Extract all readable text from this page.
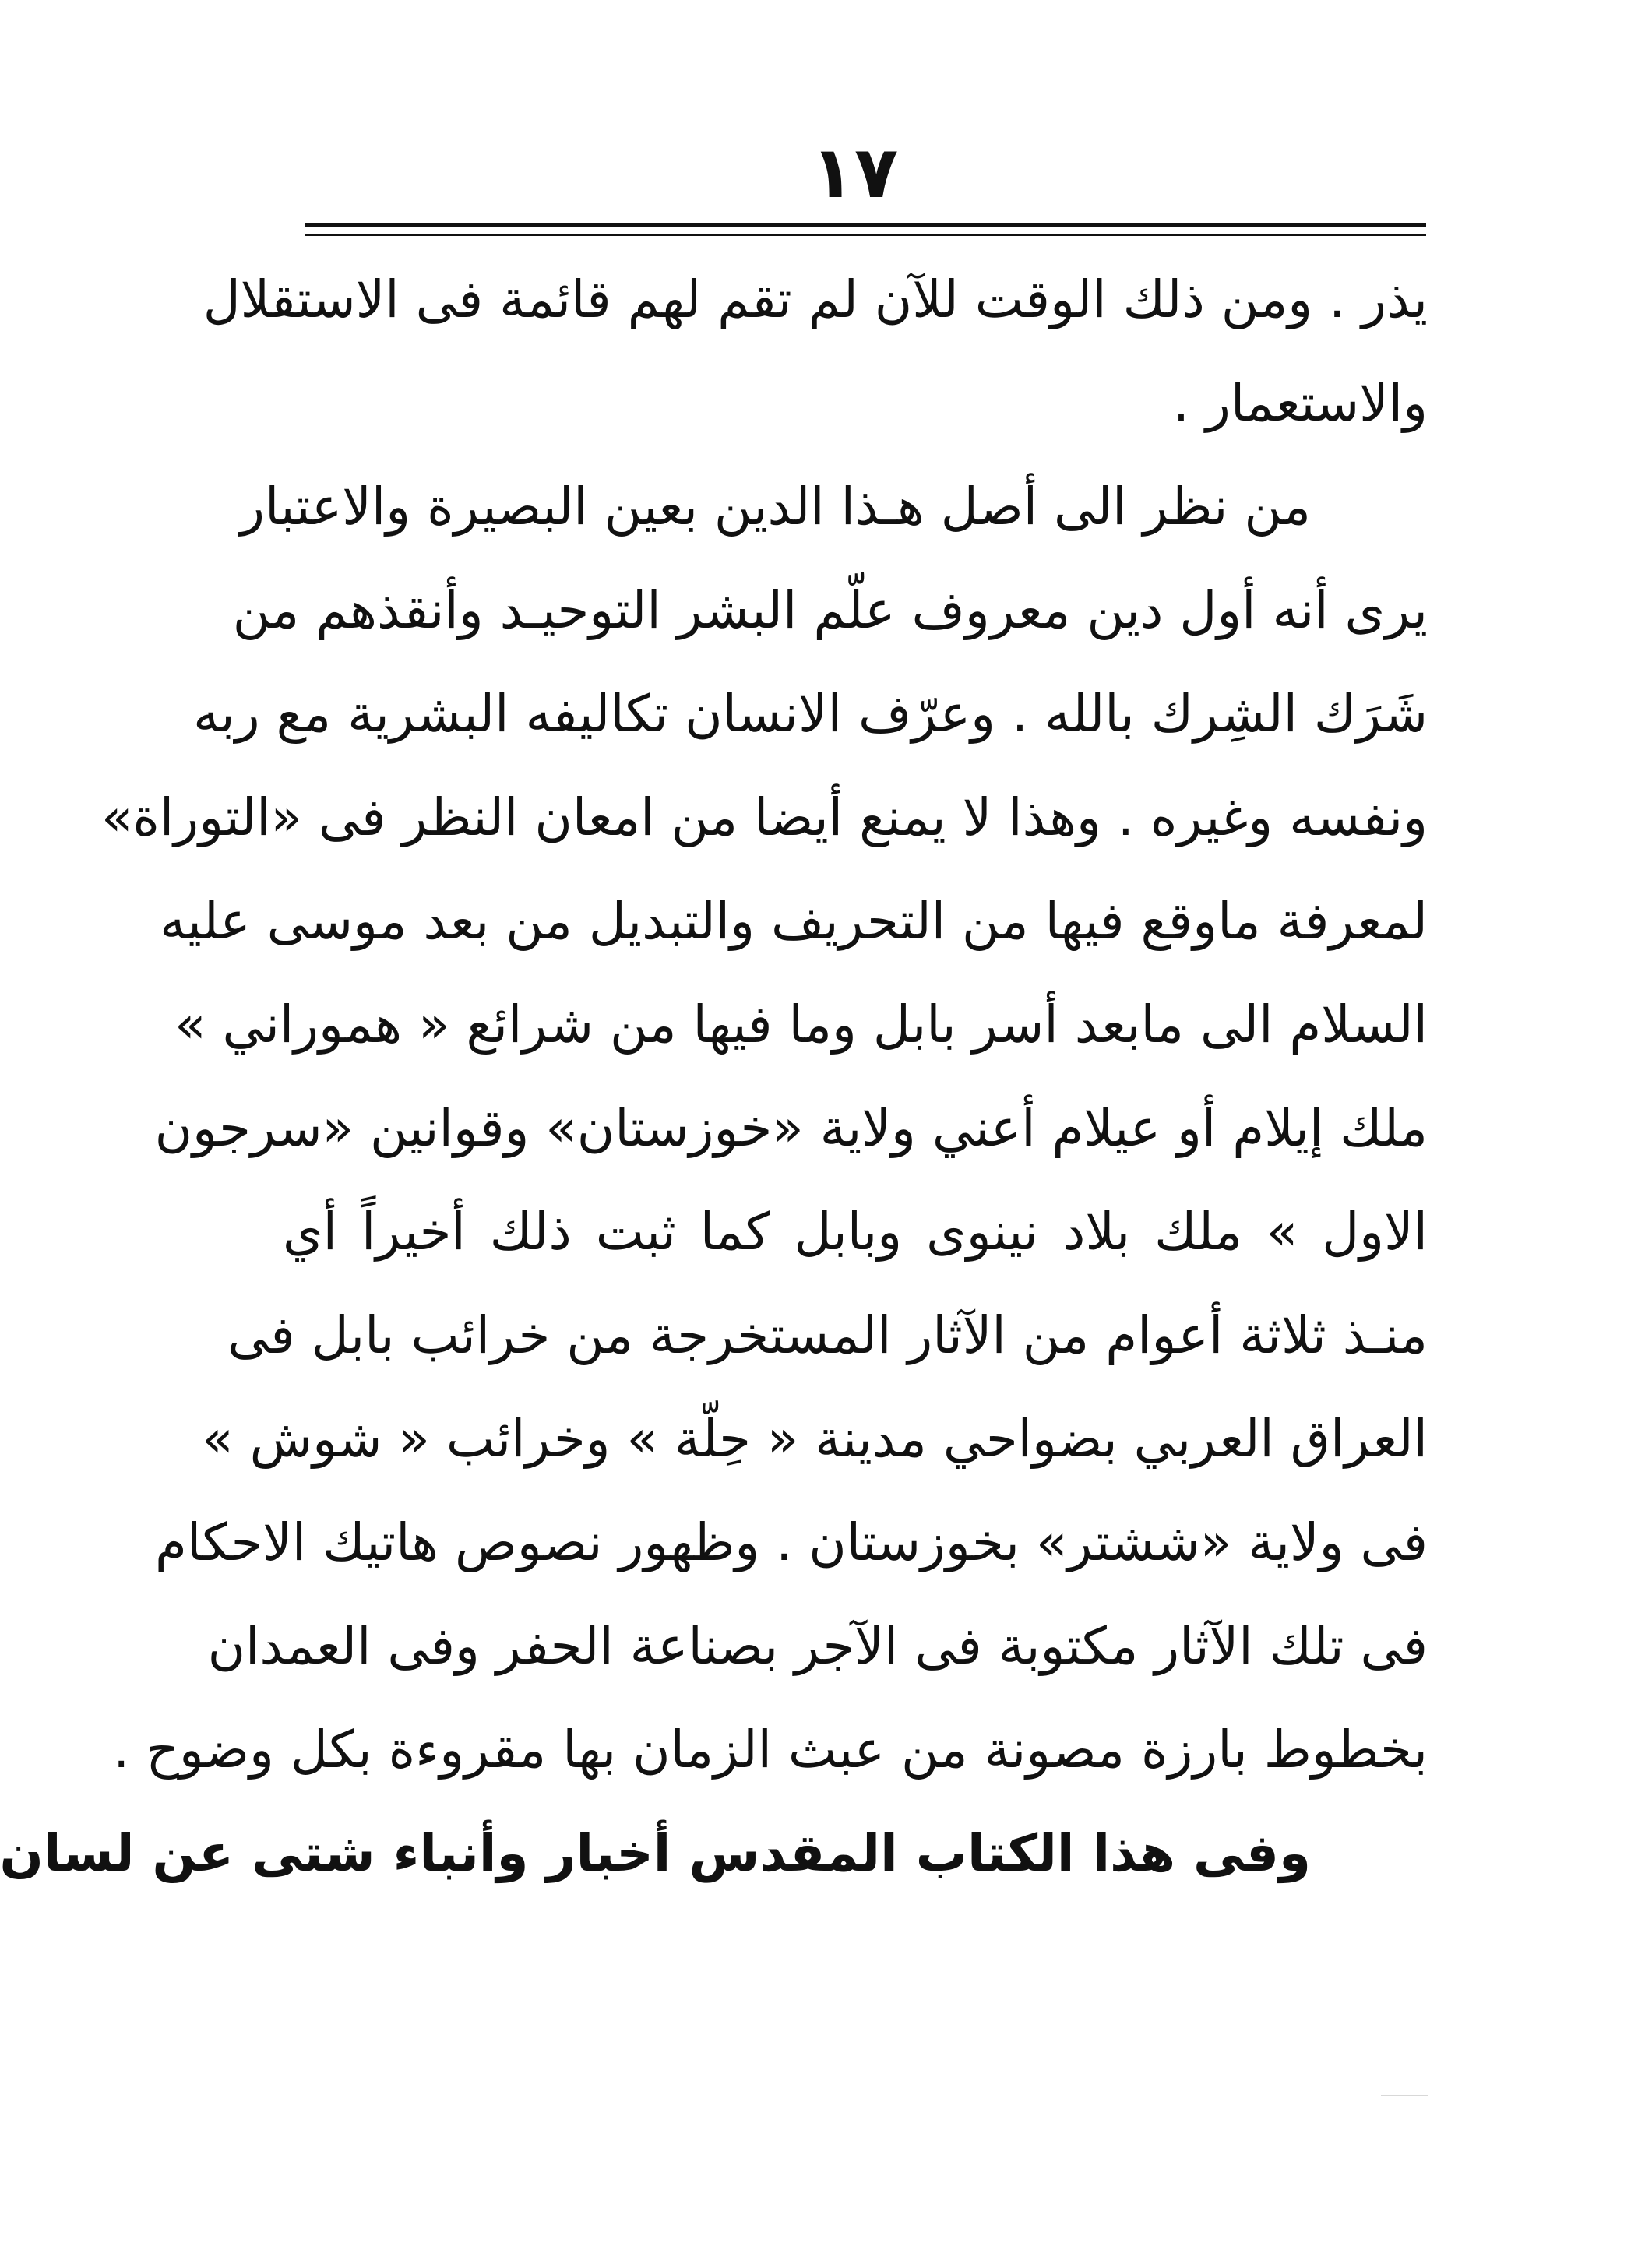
١٧
يذر . ومن ذلك الوقت للآن لم تقم لهم قائمة فى الاستقلال
والاستعمار .
من نظر الى أصل هـذا الدين بعين البصيرة والاعتبار
يرى أنه أول دين معروف علّم البشر التوحيـد وأنقذهم من
شَرَك الشِرك بالله . وعرّف الانسان تكاليفه البشرية مع ربه
ونفسه وغيره . وهذا لا يمنع أيضا من امعان النظر فى «التوراة»
لمعرفة ماوقع فيها من التحريف والتبديل من بعد موسى عليه
السلام الى مابعد أسر بابل وما فيها من شرائع « هموراني »
ملك إيلام أو عيلام أعني ولاية «خوزستان» وقوانين «سرجون
الاول » ملك بلاد نينوى وبابل كما ثبت ذلك أخيراً أي
منـذ ثلاثة أعوام من الآثار المستخرجة من خرائب بابل فى
العراق العربي بضواحي مدينة « حِلّة » وخرائب « شوش »
فى ولاية «ششتر» بخوزستان . وظهور نصوص هاتيك الاحكام
فى تلك الآثار مكتوبة فى الآجر بصناعة الحفر وفى العمدان
بخطوط بارزة مصونة من عبث الزمان بها مقروءة بكل وضوح .
وفى هذا الكتاب المقدس أخبار وأنباء شتى عن لسان
